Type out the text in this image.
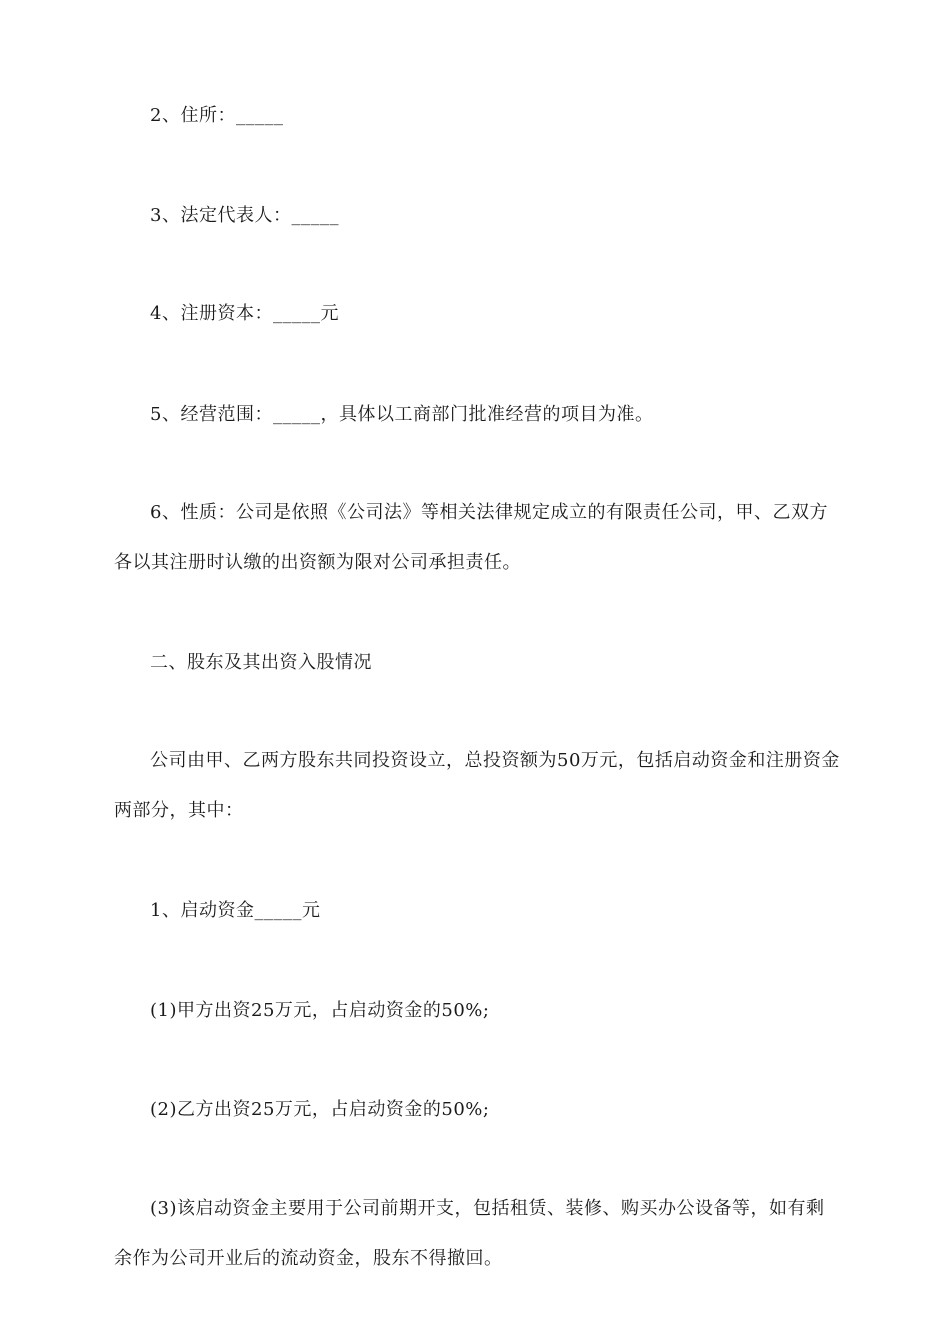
2、住所：_____

3、法定代表人：_____

4、注册资本：_____元

5、经营范围：_____，具体以工商部门批准经营的项目为准。

6、性质：公司是依照《公司法》等相关法律规定成立的有限责任公司，甲、乙双方各以其注册时认缴的出资额为限对公司承担责任。

二、股东及其出资入股情况

公司由甲、乙两方股东共同投资设立，总投资额为50万元，包括启动资金和注册资金两部分，其中：

1、启动资金_____元

(1)甲方出资25万元，占启动资金的50%;

(2)乙方出资25万元，占启动资金的50%;

(3)该启动资金主要用于公司前期开支，包括租赁、装修、购买办公设备等，如有剩余作为公司开业后的流动资金，股东不得撤回。
